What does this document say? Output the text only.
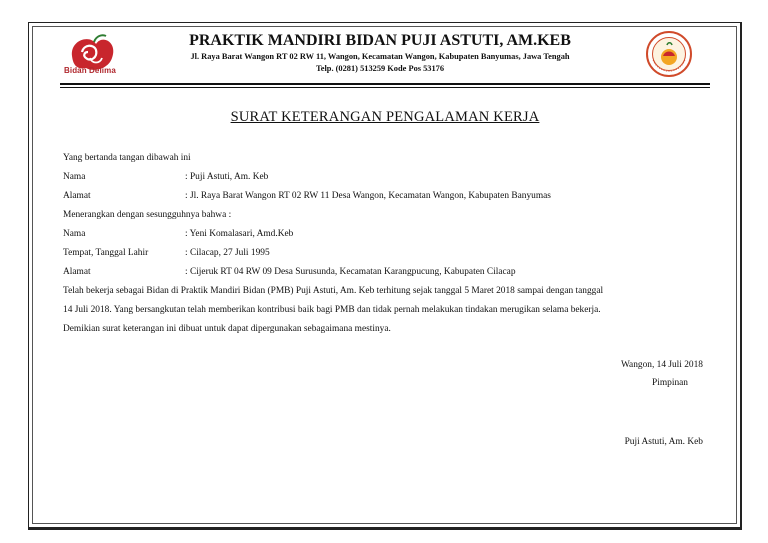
Bidan Delima
PRAKTIK MANDIRI BIDAN PUJI ASTUTI, AM.KEB
Jl. Raya Barat Wangon RT 02 RW 11, Wangon, Kecamatan Wangon, Kabupaten Banyumas, Jawa Tengah
Telp. (0281) 513259 Kode Pos 53176
SURAT KETERANGAN PENGALAMAN KERJA
Yang bertanda tangan dibawah ini
Nama	: Puji Astuti, Am. Keb
Alamat	: Jl. Raya Barat Wangon RT 02 RW 11 Desa Wangon, Kecamatan Wangon, Kabupaten Banyumas
Menerangkan dengan sesungguhnya bahwa :
Nama	: Yeni Komalasari, Amd.Keb
Tempat, Tanggal Lahir	: Cilacap, 27 Juli 1995
Alamat	: Cijeruk RT 04 RW 09 Desa Surusunda, Kecamatan Karangpucung, Kabupaten Cilacap
Telah bekerja sebagai Bidan di Praktik Mandiri Bidan (PMB) Puji Astuti, Am. Keb terhitung sejak tanggal 5 Maret 2018 sampai dengan tanggal
14 Juli 2018. Yang bersangkutan telah memberikan kontribusi baik bagi PMB dan tidak pernah melakukan tindakan merugikan selama bekerja.
Demikian surat keterangan ini dibuat untuk dapat dipergunakan sebagaimana mestinya.
Wangon, 14 Juli 2018
Pimpinan
Puji Astuti, Am. Keb
